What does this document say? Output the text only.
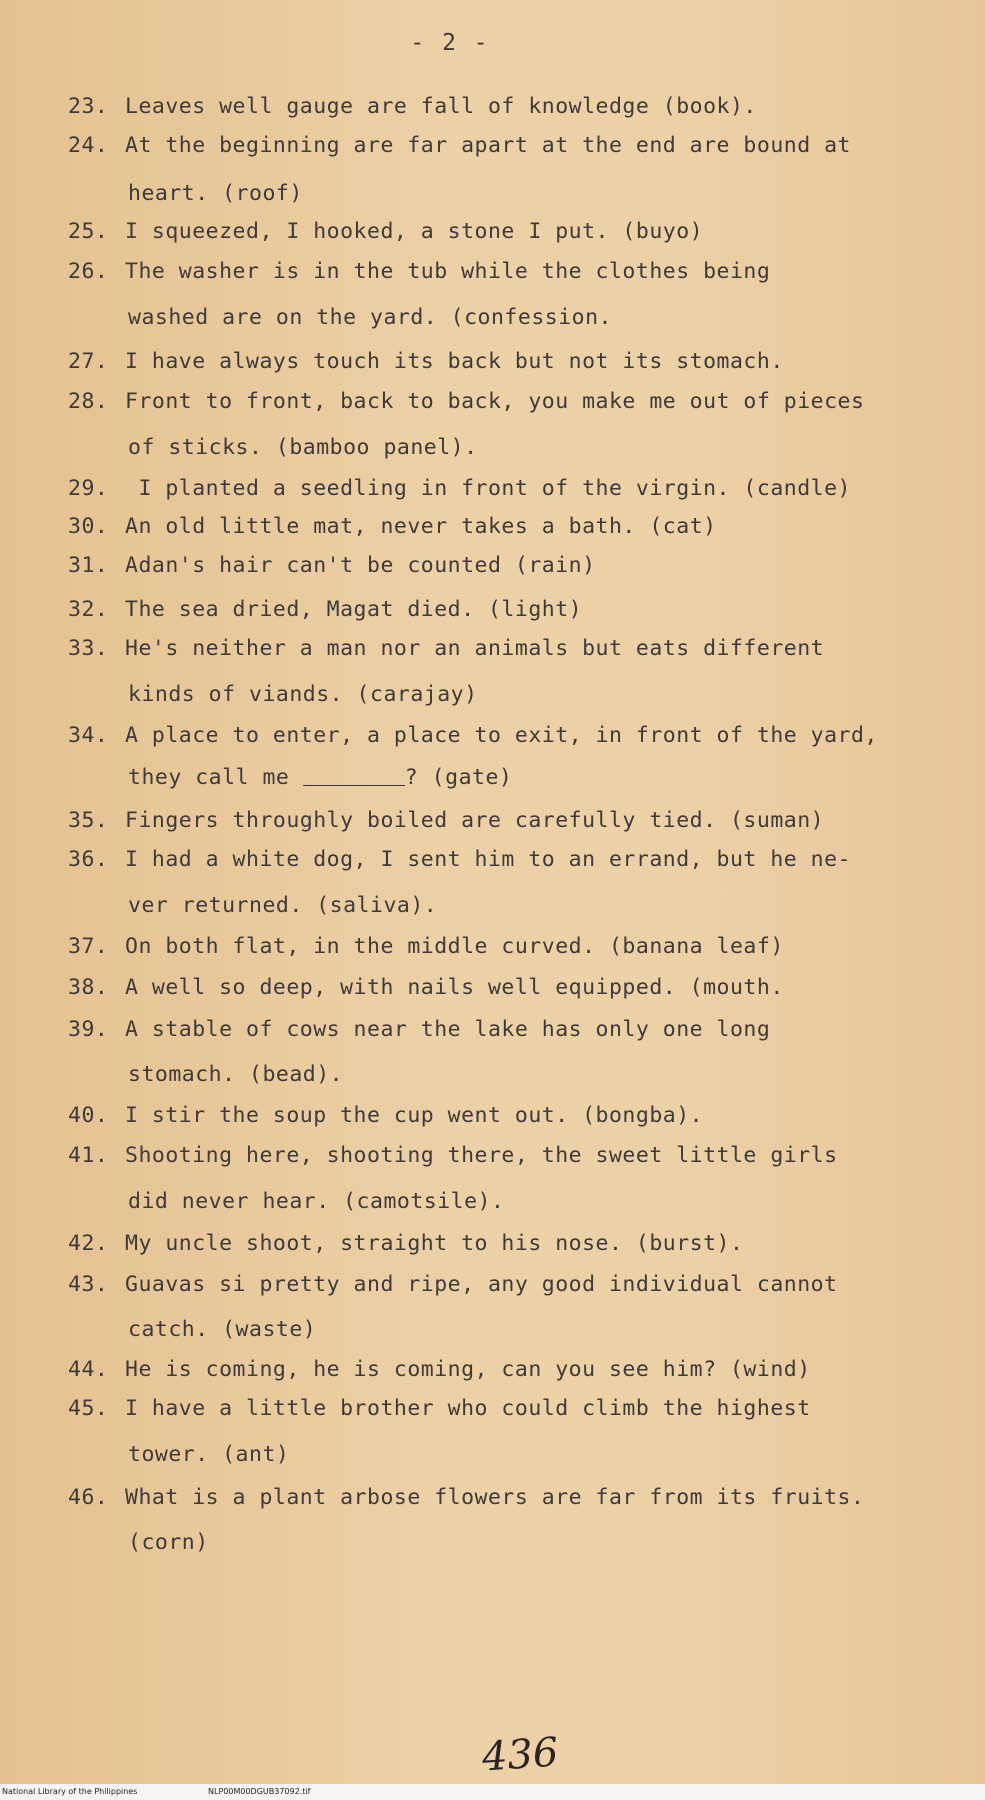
- 2 -
23. Leaves well gauge are fall of knowledge (book).
24. At the beginning are far apart at the end are bound at
heart. (roof)
25. I squeezed, I hooked, a stone I put. (buyo)
26. The washer is in the tub while the clothes being
washed are on the yard. (confession.
27. I have always touch its back but not its stomach.
28. Front to front, back to back, you make me out of pieces
of sticks. (bamboo panel).
29. I planted a seedling in front of the virgin. (candle)
30. An old little mat, never takes a bath. (cat)
31. Adan's hair can't be counted (rain)
32. The sea dried, Magat died. (light)
33. He's neither a man nor an animals but eats different
kinds of viands. (carajay)
34. A place to enter, a place to exit, in front of the yard,
they call me	? (gate)
35. Fingers throughly boiled are carefully tied. (suman)
36. I had a white dog, I sent him to an errand, but he ne-
ver returned. (saliva).
37. On both flat, in the middle curved. (banana leaf)
38. A well so deep, with nails well equipped. (mouth.
39. A stable of cows near the lake has only one long
stomach. (bead).
40. I stir the soup the cup went out. (bongba).
41. Shooting here, shooting there, the sweet little girls
did never hear. (camotsile).
42. My uncle shoot, straight to his nose. (burst).
43. Guavas si pretty and ripe, any good individual cannot
catch. (waste)
44. He is coming, he is coming, can you see him? (wind)
45. I have a little brother who could climb the highest
tower. (ant)
46. What is a plant arbose flowers are far from its fruits.
(corn)
436
National Library of the Philippines	NLP00M00DGUB37092.tif
